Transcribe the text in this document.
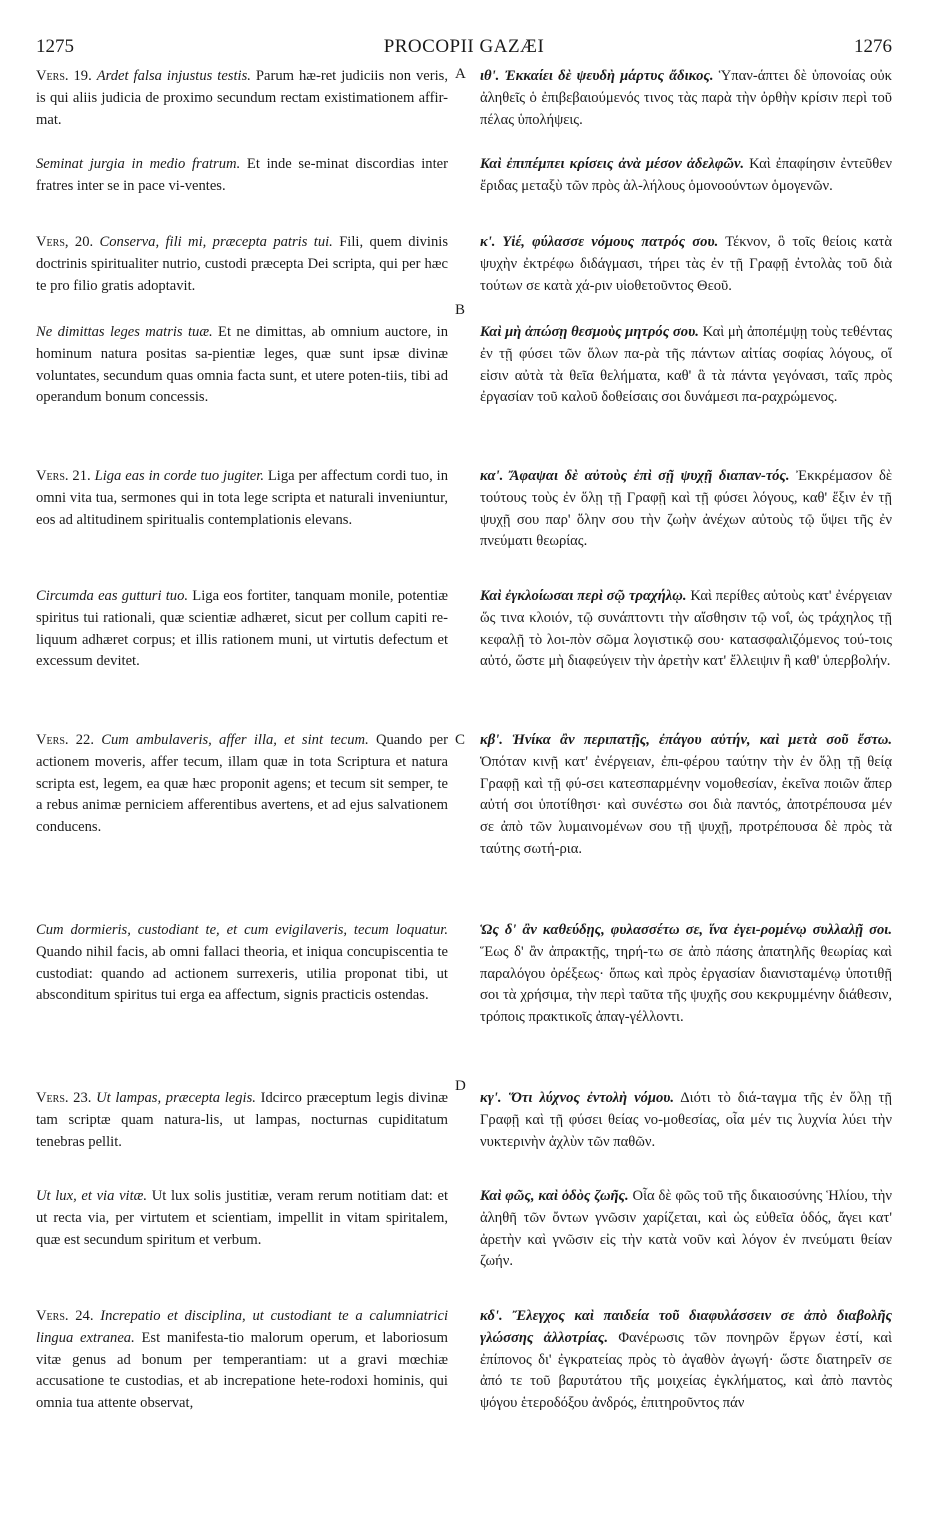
1275	PROCOPII GAZÆI	1276
A
B
C
D
Vers. 19. Ardet falsa injustus testis. Parum hæ-ret judiciis non veris, is qui aliis judicia de proximo secundum rectam existimationem affir-mat.
Seminat jurgia in medio fratrum. Et inde se-minat discordias inter fratres inter se in pace vi-ventes.
Vers, 20. Conserva, fili mi, præcepta patris tui. Fili, quem divinis doctrinis spiritualiter nutrio, custodi præcepta Dei scripta, qui per hæc te pro filio gratis adoptavit.
Ne dimittas leges matris tuæ. Et ne dimittas, ab omnium auctore, in hominum natura positas sa-pientiæ leges, quæ sunt ipsæ divinæ voluntates, secundum quas omnia facta sunt, et utere poten-tiis, tibi ad operandum bonum concessis.
Vers. 21. Liga eas in corde tuo jugiter. Liga per affectum cordi tuo, in omni vita tua, sermones qui in tota lege scripta et naturali inveniuntur, eos ad altitudinem spiritualis contemplationis elevans.
Circumda eas gutturi tuo. Liga eos fortiter, tanquam monile, potentiæ spiritus tui rationali, quæ scientiæ adhæret, sicut per collum capiti re-liquum adhæret corpus; et illis rationem muni, ut virtutis defectum et excessum devitet.
Vers. 22. Cum ambulaveris, affer illa, et sint tecum. Quando per actionem moveris, affer tecum, illam quæ in tota Scriptura et natura scripta est, legem, ea quæ hæc proponit agens; et tecum sit semper, te a rebus animæ perniciem afferentibus avertens, et ad ejus salvationem conducens.
Cum dormieris, custodiant te, et cum evigilaveris, tecum loquatur. Quando nihil facis, ab omni fallaci theoria, et iniqua concupiscentia te custodiat: quando ad actionem surrexeris, utilia proponat tibi, ut absconditum spiritus tui erga ea affectum, signis practicis ostendas.
Vers. 23. Ut lampas, præcepta legis. Idcirco præceptum legis divinæ tam scriptæ quam natura-lis, ut lampas, nocturnas cupiditatum tenebras pellit.
Ut lux, et via vitæ. Ut lux solis justitiæ, veram rerum notitiam dat: et ut recta via, per virtutem et scientiam, impellit in vitam spiritalem, quæ est secundum spiritum et verbum.
Vers. 24. Increpatio et disciplina, ut custodiant te a calumniatrici lingua extranea. Est manifesta-tio malorum operum, et laboriosum vitæ genus ad bonum per temperantiam: ut a gravi mœchiæ accusatione te custodias, et ab increpatione hete-rodoxi hominis, qui omnia tua attente observat,
ιθ'. Ἐκκαίει δὲ ψευδὴ μάρτυς ἄδικος. Ὑπαν-άπτει δὲ ὑπονοίας οὐκ ἀληθεῖς ὁ ἐπιβεβαιούμενός τινος τὰς παρὰ τὴν ὀρθὴν κρίσιν περὶ τοῦ πέλας ὑπολήψεις.
Καὶ ἐπιπέμπει κρίσεις ἀνὰ μέσον ἀδελφῶν. Καὶ ἐπαφίησιν ἐντεῦθεν ἔριδας μεταξὺ τῶν πρὸς ἀλ-λήλους ὁμονοούντων ὁμογενῶν.
κ'. Υἱέ, φύλασσε νόμους πατρός σου. Τέκνον, ὃ τοῖς θείοις κατὰ ψυχὴν ἐκτρέφω διδάγμασι, τήρει τὰς ἐν τῇ Γραφῇ ἐντολὰς τοῦ διὰ τούτων σε κατὰ χά-ριν υἱοθετοῦντος Θεοῦ.
Καὶ μὴ ἀπώσῃ θεσμοὺς μητρός σου. Καὶ μὴ ἀποπέμψῃ τοὺς τεθέντας ἐν τῇ φύσει τῶν ὅλων πα-ρὰ τῆς πάντων αἰτίας σοφίας λόγους, οἵ εἰσιν αὐτὰ τὰ θεῖα θελήματα, καθ' ἃ τὰ πάντα γεγόνασι, ταῖς πρὸς ἐργασίαν τοῦ καλοῦ δοθείσαις σοι δυνάμεσι πα-ραχρώμενος.
κα'. Ἄφαψαι δὲ αὐτοὺς ἐπὶ σῇ ψυχῇ διαπαν-τός. Ἐκκρέμασον δὲ τούτους τοὺς ἐν ὅλῃ τῇ Γραφῇ καὶ τῇ φύσει λόγους, καθ' ἕξιν ἐν τῇ ψυχῇ σου παρ' ὅλην σου τὴν ζωὴν ἀνέχων αὐτοὺς τῷ ὕψει τῆς ἐν πνεύματι θεωρίας.
Καὶ ἐγκλοίωσαι περὶ σῷ τραχήλῳ. Καὶ περίθες αὐτοὺς κατ' ἐνέργειαν ὥς τινα κλοιόν, τῷ συνάπτοντι τὴν αἴσθησιν τῷ νοΐ, ὡς τράχηλος τῇ κεφαλῇ τὸ λοι-πὸν σῶμα λογιστικῷ σου· κατασφαλιζόμενος τού-τοις αὐτό, ὥστε μὴ διαφεύγειν τὴν ἀρετὴν κατ' ἔλλειψιν ἢ καθ' ὑπερβολήν.
κβ'. Ἡνίκα ἂν περιπατῇς, ἐπάγου αὐτήν, καὶ μετὰ σοῦ ἔστω. Ὁπόταν κινῇ κατ' ἐνέργειαν, ἐπι-φέρου ταύτην τὴν ἐν ὅλῃ τῇ θείᾳ Γραφῇ καὶ τῇ φύ-σει κατεσπαρμένην νομοθεσίαν, ἐκεῖνα ποιῶν ἅπερ αὐτή σοι ὑποτίθησι· καὶ συνέστω σοι διὰ παντός, ἀποτρέπουσα μέν σε ἀπὸ τῶν λυμαινομένων σου τῇ ψυχῇ, προτρέπουσα δὲ πρὸς τὰ ταύτης σωτή-ρια.
Ὡς δ' ἂν καθεύδῃς, φυλασσέτω σε, ἵνα ἐγει-ρομένῳ συλλαλῇ σοι. Ἕως δ' ἂν ἀπρακτῇς, τηρή-τω σε ἀπὸ πάσης ἀπατηλῆς θεωρίας καὶ παραλόγου ὀρέξεως· ὅπως καὶ πρὸς ἐργασίαν διανισταμένῳ ὑποτιθῇ σοι τὰ χρήσιμα, τὴν περὶ ταῦτα τῆς ψυχῆς σου κεκρυμμένην διάθεσιν, τρόποις πρακτικοῖς ἀπαγ-γέλλοντι.
κγ'. Ὅτι λύχνος ἐντολὴ νόμου. Διότι τὸ διά-ταγμα τῆς ἐν ὅλῃ τῇ Γραφῇ καὶ τῇ φύσει θείας νο-μοθεσίας, οἷα μέν τις λυχνία λύει τὴν νυκτερινὴν ἀχλὺν τῶν παθῶν.
Καὶ φῶς, καὶ ὁδὸς ζωῆς. Οἷα δὲ φῶς τοῦ τῆς δικαιοσύνης Ἡλίου, τὴν ἀληθῆ τῶν ὄντων γνῶσιν χαρίζεται, καὶ ὡς εὐθεῖα ὁδός, ἄγει κατ' ἀρετὴν καὶ γνῶσιν εἰς τὴν κατὰ νοῦν καὶ λόγον ἐν πνεύματι θείαν ζωήν.
κδ'. Ἔλεγχος καὶ παιδεία τοῦ διαφυλάσσειν σε ἀπὸ διαβολῆς γλώσσης ἀλλοτρίας. Φανέρωσις τῶν πονηρῶν ἔργων ἐστί, καὶ ἐπίπονος δι' ἐγκρατείας πρὸς τὸ ἀγαθὸν ἀγωγή· ὥστε διατηρεῖν σε ἀπό τε τοῦ βαρυτάτου τῆς μοιχείας ἐγκλήματος, καὶ ἀπὸ παντὸς ψόγου ἑτεροδόξου ἀνδρός, ἐπιτηροῦντος πάν
